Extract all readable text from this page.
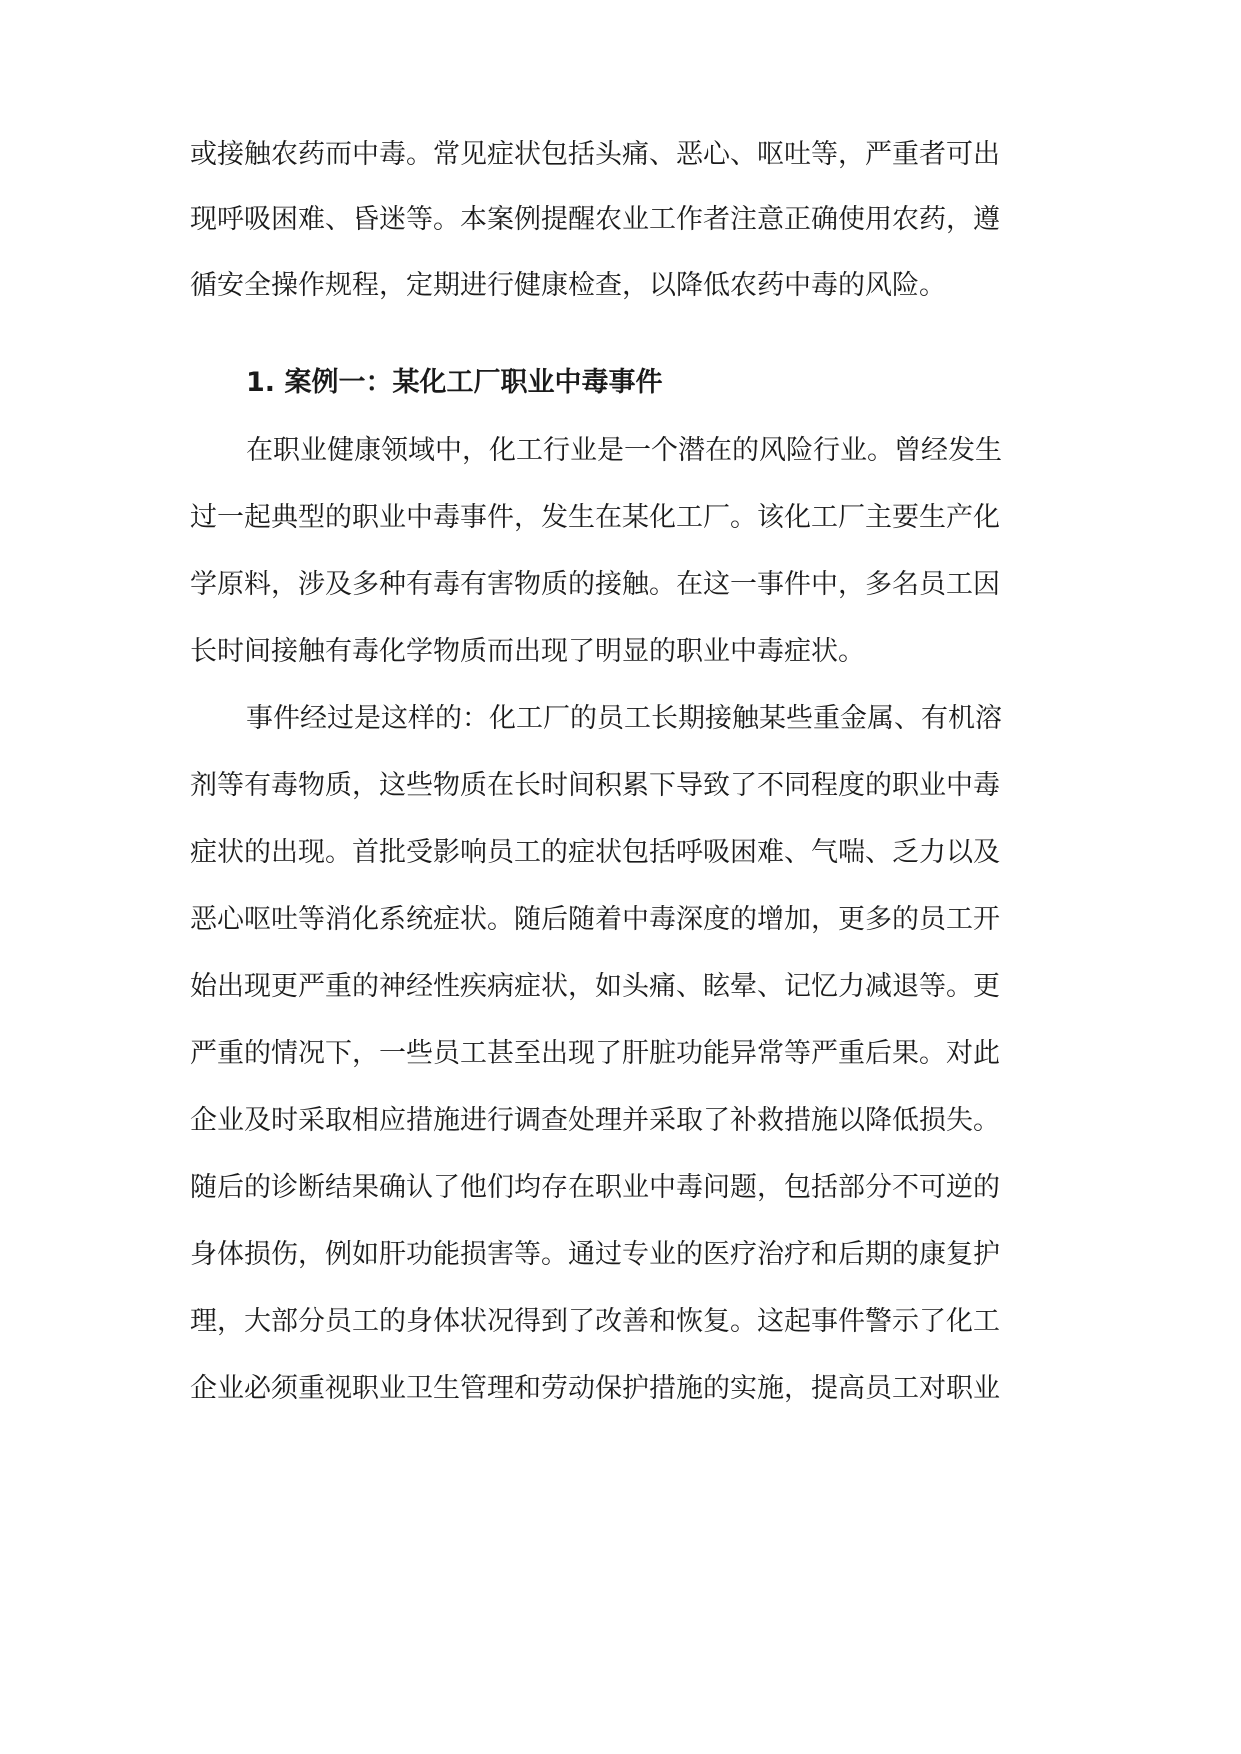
或接触农药而中毒。常见症状包括头痛、恶心、呕吐等，严重者可出
现呼吸困难、昏迷等。本案例提醒农业工作者注意正确使用农药，遵
循安全操作规程，定期进行健康检查，以降低农药中毒的风险。
1. 案例一：某化工厂职业中毒事件
在职业健康领域中，化工行业是一个潜在的风险行业。曾经发生
过一起典型的职业中毒事件，发生在某化工厂。该化工厂主要生产化
学原料，涉及多种有毒有害物质的接触。在这一事件中，多名员工因
长时间接触有毒化学物质而出现了明显的职业中毒症状。
事件经过是这样的：化工厂的员工长期接触某些重金属、有机溶
剂等有毒物质，这些物质在长时间积累下导致了不同程度的职业中毒
症状的出现。首批受影响员工的症状包括呼吸困难、气喘、乏力以及
恶心呕吐等消化系统症状。随后随着中毒深度的增加，更多的员工开
始出现更严重的神经性疾病症状，如头痛、眩晕、记忆力减退等。更
严重的情况下，一些员工甚至出现了肝脏功能异常等严重后果。对此
企业及时采取相应措施进行调查处理并采取了补救措施以降低损失。
随后的诊断结果确认了他们均存在职业中毒问题，包括部分不可逆的
身体损伤，例如肝功能损害等。通过专业的医疗治疗和后期的康复护
理，大部分员工的身体状况得到了改善和恢复。这起事件警示了化工
企业必须重视职业卫生管理和劳动保护措施的实施，提高员工对职业
